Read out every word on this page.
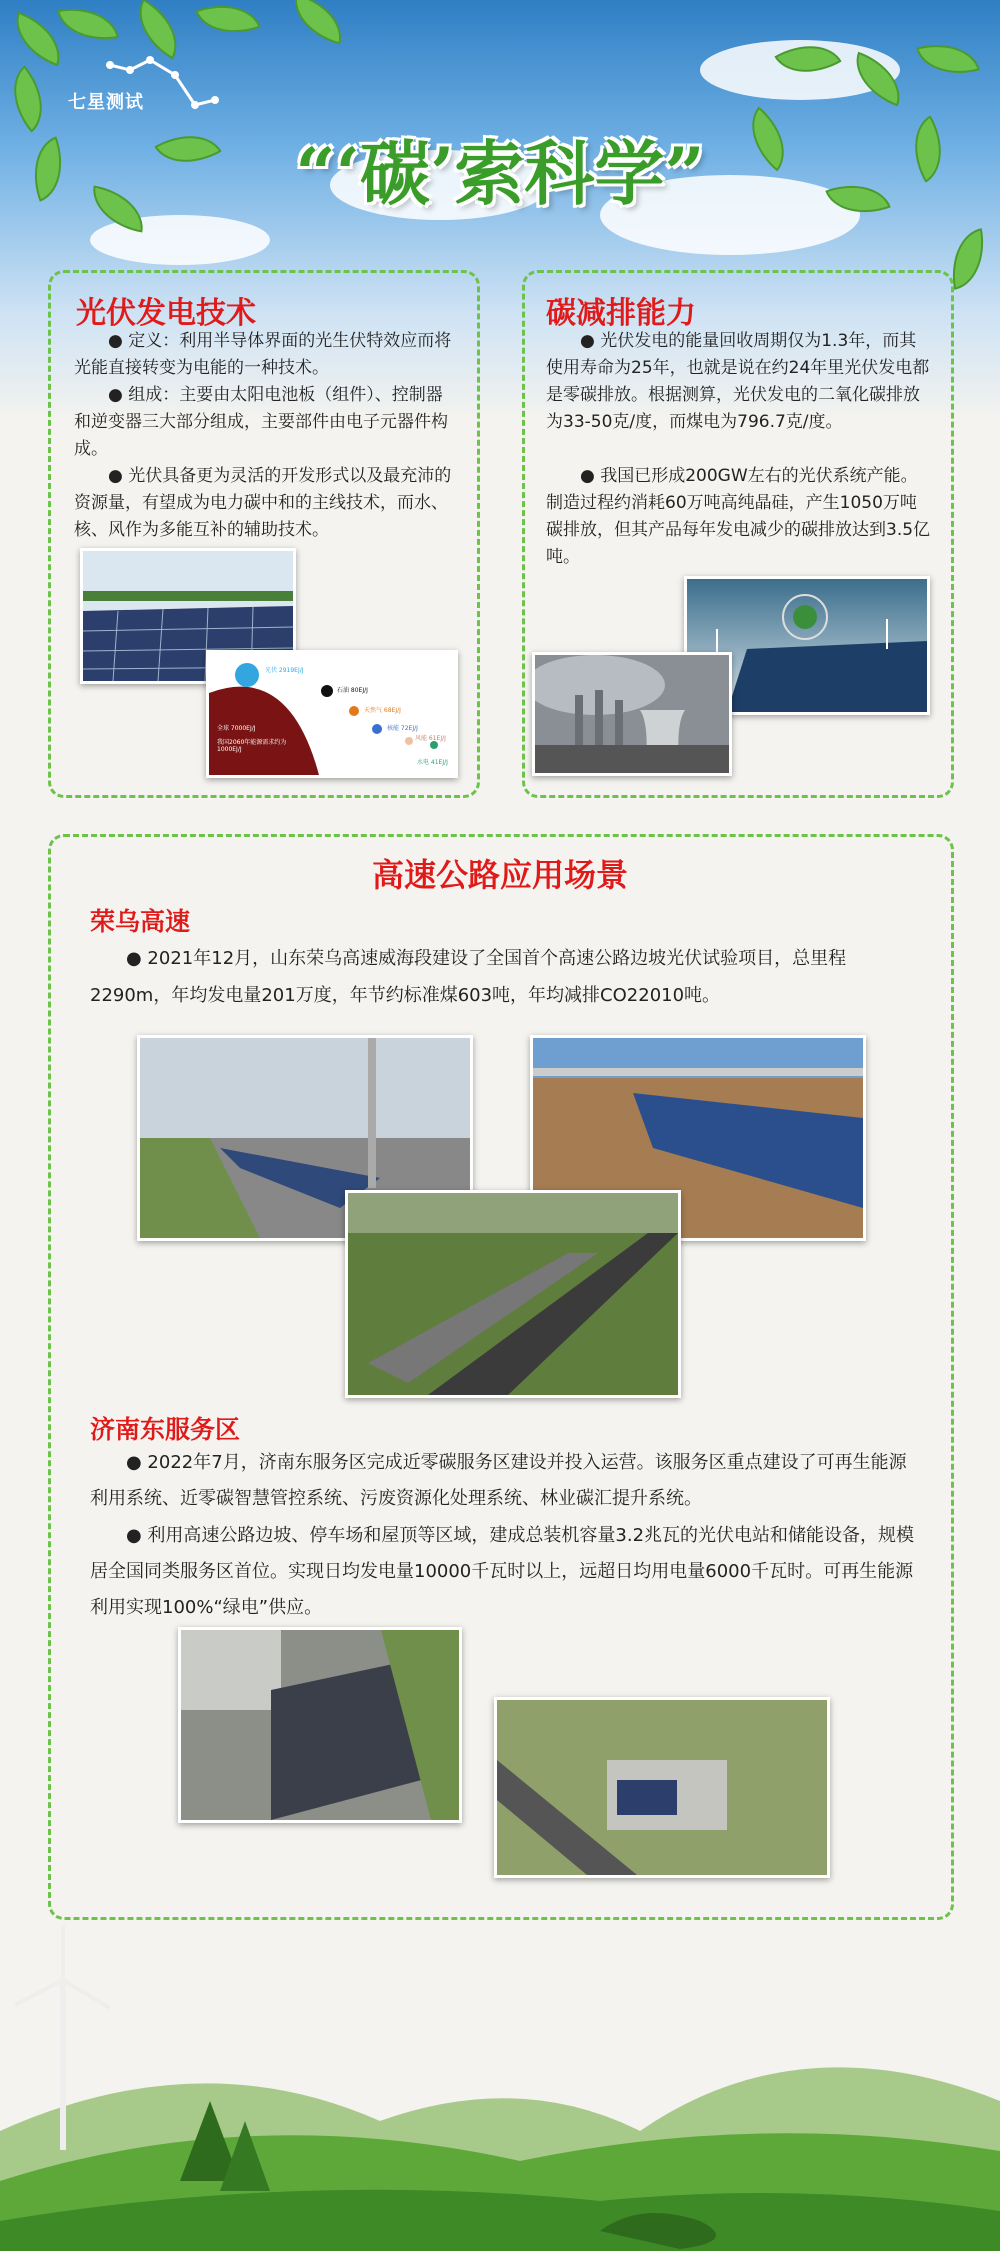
七星测试
“‘碳’索科学”
光伏发电技术
● 定义：利用半导体界面的光生伏特效应而将光能直接转变为电能的一种技术。
● 组成：主要由太阳电池板（组件）、控制器和逆变器三大部分组成，主要部件由电子元器件构成。
● 光伏具备更为灵活的开发形式以及最充沛的资源量，有望成为电力碳中和的主线技术，而水、核、风作为多能互补的辅助技术。
光伏 2919EJ/J
石油 80EJ/J
天然气 68EJ/J
核能 72EJ/J
全球 7000EJ/J
我国2060年能源需求约为 1000EJ/J
风能 61EJ/J
水电 41EJ/J
碳减排能力
● 光伏发电的能量回收周期仅为1.3年，而其使用寿命为25年，也就是说在约24年里光伏发电都是零碳排放。根据测算，光伏发电的二氧化碳排放为33-50克/度，而煤电为796.7克/度。
● 我国已形成200GW左右的光伏系统产能。制造过程约消耗60万吨高纯晶硅，产生1050万吨碳排放，但其产品每年发电减少的碳排放达到3.5亿吨。
高速公路应用场景
荣乌高速
● 2021年12月，山东荣乌高速威海段建设了全国首个高速公路边坡光伏试验项目，总里程2290m，年均发电量201万度，年节约标准煤603吨，年均减排CO22010吨。
济南东服务区
● 2022年7月，济南东服务区完成近零碳服务区建设并投入运营。该服务区重点建设了可再生能源利用系统、近零碳智慧管控系统、污废资源化处理系统、林业碳汇提升系统。
● 利用高速公路边坡、停车场和屋顶等区域，建成总装机容量3.2兆瓦的光伏电站和储能设备，规模居全国同类服务区首位。实现日均发电量10000千瓦时以上，远超日均用电量6000千瓦时。可再生能源利用实现100%“绿电”供应。
